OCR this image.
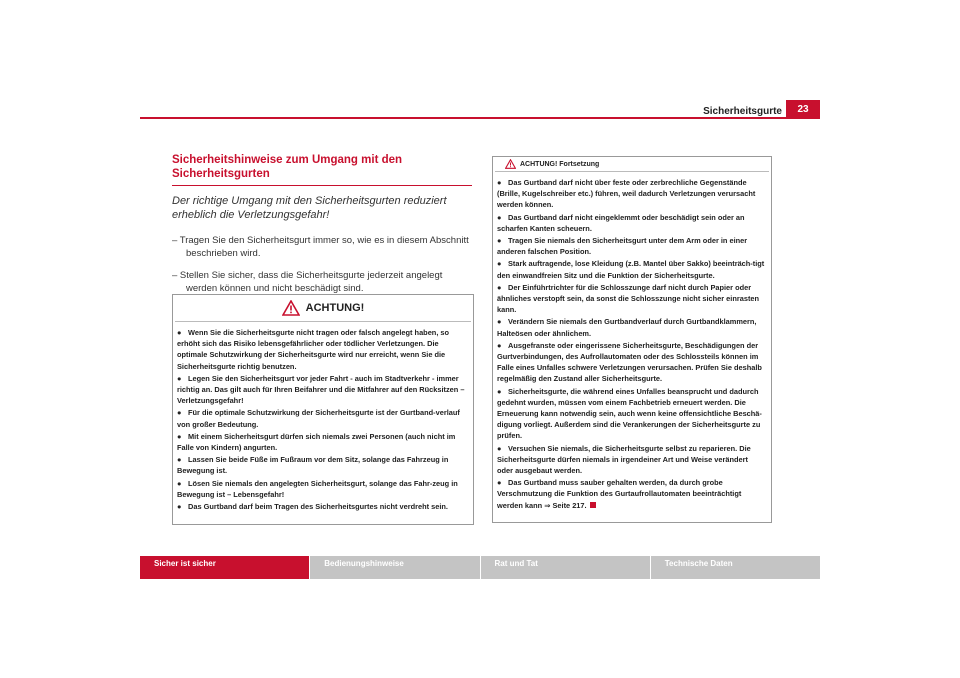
Sicherheitsgurte	23
Sicherheitshinweise zum Umgang mit den Sicherheitsgurten
Der richtige Umgang mit den Sicherheitsgurten reduziert erheblich die Verletzungsgefahr!
– Tragen Sie den Sicherheitsgurt immer so, wie es in diesem Abschnitt beschrieben wird.
– Stellen Sie sicher, dass die Sicherheitsgurte jederzeit angelegt werden können und nicht beschädigt sind.
ACHTUNG!

● Wenn Sie die Sicherheitsgurte nicht tragen oder falsch angelegt haben, so erhöht sich das Risiko lebensgefährlicher oder tödlicher Verletzungen. Die optimale Schutzwirkung der Sicherheitsgurte wird nur erreicht, wenn Sie die Sicherheitsgurte richtig benutzen.

● Legen Sie den Sicherheitsgurt vor jeder Fahrt - auch im Stadtverkehr - immer richtig an. Das gilt auch für Ihren Beifahrer und die Mitfahrer auf den Rücksitzen – Verletzungsgefahr!

● Für die optimale Schutzwirkung der Sicherheitsgurte ist der Gurtband-verlauf von großer Bedeutung.

● Mit einem Sicherheitsgurt dürfen sich niemals zwei Personen (auch nicht im Falle von Kindern) angurten.

● Lassen Sie beide Füße im Fußraum vor dem Sitz, solange das Fahrzeug in Bewegung ist.

● Lösen Sie niemals den angelegten Sicherheitsgurt, solange das Fahr-zeug in Bewegung ist – Lebensgefahr!

● Das Gurtband darf beim Tragen des Sicherheitsgurtes nicht verdreht sein.

ACHTUNG! Fortsetzung

● Das Gurtband darf nicht über feste oder zerbrechliche Gegenstände (Brille, Kugelschreiber etc.) führen, weil dadurch Verletzungen verursacht werden können.

● Das Gurtband darf nicht eingeklemmt oder beschädigt sein oder an scharfen Kanten scheuern.

● Tragen Sie niemals den Sicherheitsgurt unter dem Arm oder in einer anderen falschen Position.

● Stark auftragende, lose Kleidung (z.B. Mantel über Sakko) beeinträch-tigt den einwandfreien Sitz und die Funktion der Sicherheitsgurte.

● Der Einführtrichter für die Schlosszunge darf nicht durch Papier oder ähnliches verstopft sein, da sonst die Schlosszunge nicht sicher einrasten kann.

● Verändern Sie niemals den Gurtbandverlauf durch Gurtbandklammern, Halteösen oder ähnlichem.

● Ausgefranste oder eingerissene Sicherheitsgurte, Beschädigungen der Gurtverbindungen, des Aufrollautomaten oder des Schlossteils können im Falle eines Unfalles schwere Verletzungen verursachen. Prüfen Sie deshalb regelmäßig den Zustand aller Sicherheitsgurte.

● Sicherheitsgurte, die während eines Unfalles beansprucht und dadurch gedehnt wurden, müssen vom einem Fachbetrieb erneuert werden. Die Erneuerung kann notwendig sein, auch wenn keine offensichtliche Beschä-digung vorliegt. Außerdem sind die Verankerungen der Sicherheitsgurte zu prüfen.

● Versuchen Sie niemals, die Sicherheitsgurte selbst zu reparieren. Die Sicherheitsgurte dürfen niemals in irgendeiner Art und Weise verändert oder ausgebaut werden.

● Das Gurtband muss sauber gehalten werden, da durch grobe Verschmutzung die Funktion des Gurtaufrollautomaten beeinträchtigt werden kann ⇒ Seite 217.

Sicher ist sicher	Bedienungshinweise	Rat und Tat	Technische Daten
